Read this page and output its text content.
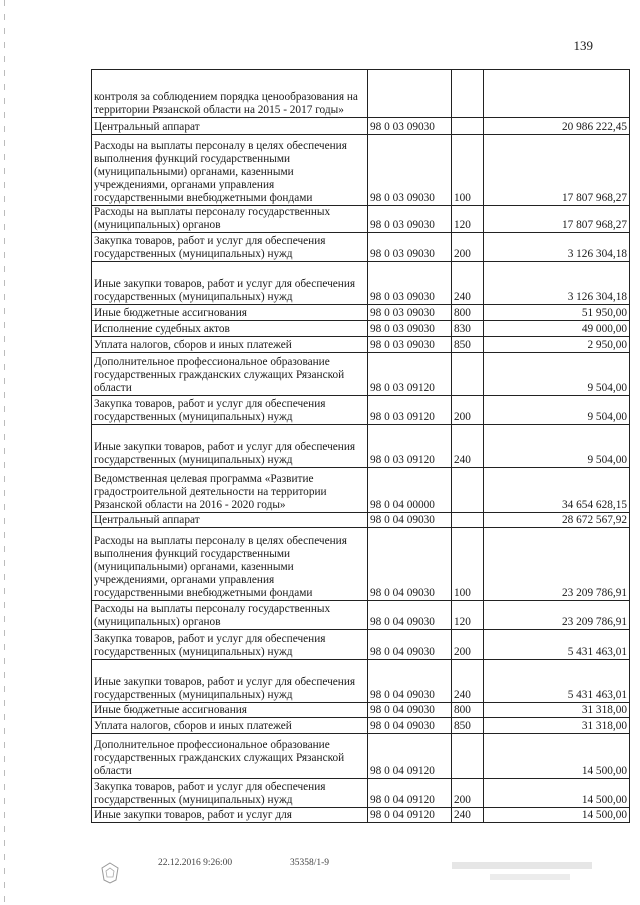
139
контроля за соблюдением порядка ценообразования на территории Рязанской области на 2015 - 2017 годы»			
Центральный аппарат	98 0 03 09030		20 986 222,45
Расходы на выплаты персоналу в целях обеспечения выполнения функций государственными (муниципальными) органами, казенными учреждениями, органами управления государственными внебюджетными фондами	98 0 03 09030	100	17 807 968,27
Расходы на выплаты персоналу государственных (муниципальных) органов	98 0 03 09030	120	17 807 968,27
Закупка товаров, работ и услуг для обеспечения государственных (муниципальных) нужд	98 0 03 09030	200	3 126 304,18
Иные закупки товаров, работ и услуг для обеспечения государственных (муниципальных) нужд	98 0 03 09030	240	3 126 304,18
Иные бюджетные ассигнования	98 0 03 09030	800	51 950,00
Исполнение судебных актов	98 0 03 09030	830	49 000,00
Уплата налогов, сборов и иных платежей	98 0 03 09030	850	2 950,00
Дополнительное профессиональное образование государственных гражданских служащих Рязанской области	98 0 03 09120		9 504,00
Закупка товаров, работ и услуг для обеспечения государственных (муниципальных) нужд	98 0 03 09120	200	9 504,00
Иные закупки товаров, работ и услуг для обеспечения государственных (муниципальных) нужд	98 0 03 09120	240	9 504,00
Ведомственная целевая программа «Развитие градостроительной деятельности на территории Рязанской области на 2016 - 2020 годы»	98 0 04 00000		34 654 628,15
Центральный аппарат	98 0 04 09030		28 672 567,92
Расходы на выплаты персоналу в целях обеспечения выполнения функций государственными (муниципальными) органами, казенными учреждениями, органами управления государственными внебюджетными фондами	98 0 04 09030	100	23 209 786,91
Расходы на выплаты персоналу государственных (муниципальных) органов	98 0 04 09030	120	23 209 786,91
Закупка товаров, работ и услуг для обеспечения государственных (муниципальных) нужд	98 0 04 09030	200	5 431 463,01
Иные закупки товаров, работ и услуг для обеспечения государственных (муниципальных) нужд	98 0 04 09030	240	5 431 463,01
Иные бюджетные ассигнования	98 0 04 09030	800	31 318,00
Уплата налогов, сборов и иных платежей	98 0 04 09030	850	31 318,00
Дополнительное профессиональное образование государственных гражданских служащих Рязанской области	98 0 04 09120		14 500,00
Закупка товаров, работ и услуг для обеспечения государственных (муниципальных) нужд	98 0 04 09120	200	14 500,00
Иные закупки товаров, работ и услуг для	98 0 04 09120	240	14 500,00
22.12.2016 9:26:00	35358/1-9
